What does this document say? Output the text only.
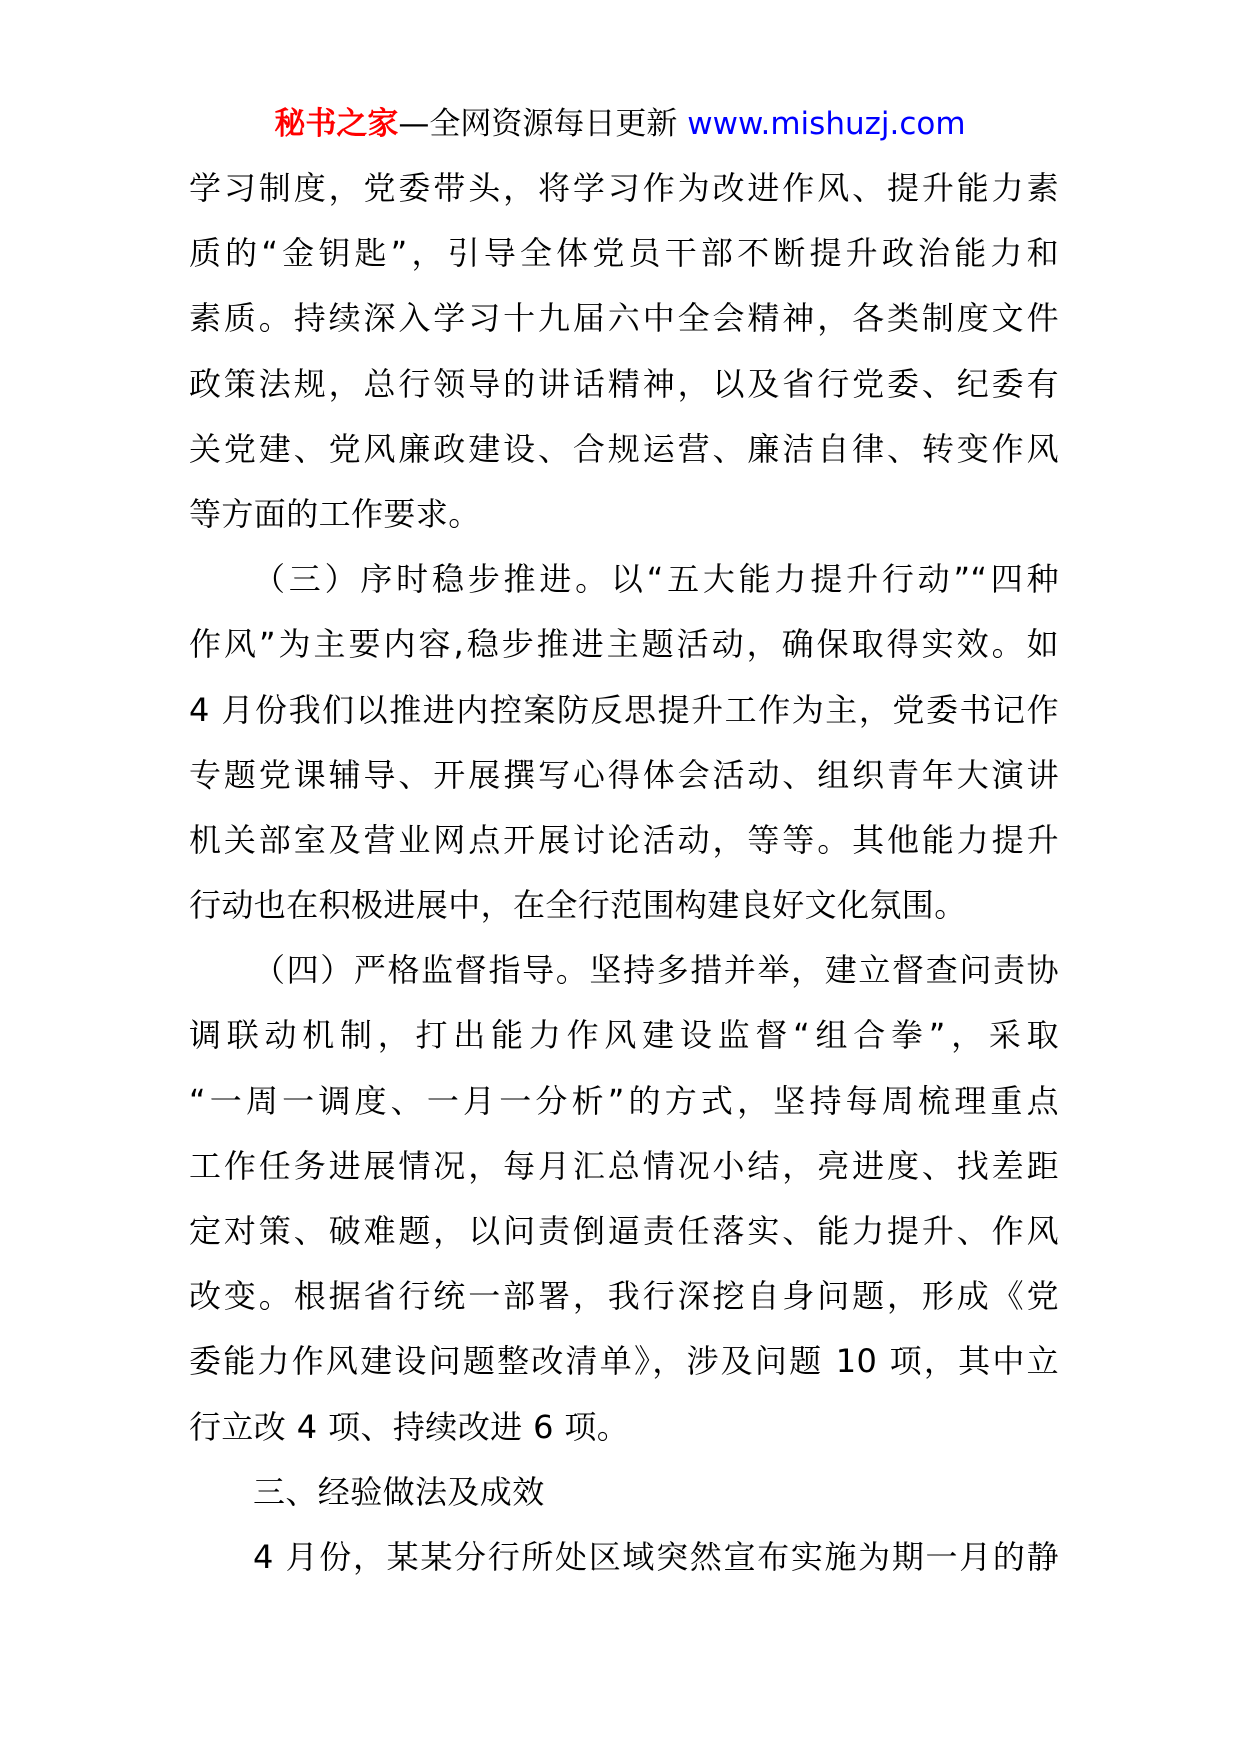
秘书之家—全网资源每日更新 www.mishuzj.com
学习制度，党委带头，将学习作为改进作风、提升能力素
质的“金钥匙”，引导全体党员干部不断提升政治能力和
素质。持续深入学习十九届六中全会精神，各类制度文件
政策法规，总行领导的讲话精神，以及省行党委、纪委有
关党建、党风廉政建设、合规运营、廉洁自律、转变作风
等方面的工作要求。
（三）序时稳步推进。以“五大能力提升行动”“四种
作风”为主要内容,稳步推进主题活动，确保取得实效。如
4 月份我们以推进内控案防反思提升工作为主，党委书记作
专题党课辅导、开展撰写心得体会活动、组织青年大演讲
机关部室及营业网点开展讨论活动，等等。其他能力提升
行动也在积极进展中，在全行范围构建良好文化氛围。
（四）严格监督指导。坚持多措并举，建立督查问责协
调联动机制，打出能力作风建设监督“组合拳”，采取
“一周一调度、一月一分析”的方式，坚持每周梳理重点
工作任务进展情况，每月汇总情况小结，亮进度、找差距
定对策、破难题，以问责倒逼责任落实、能力提升、作风
改变。根据省行统一部署，我行深挖自身问题，形成《党
委能力作风建设问题整改清单》，涉及问题 10 项，其中立
行立改 4 项、持续改进 6 项。
三、经验做法及成效
4 月份，某某分行所处区域突然宣布实施为期一月的静
